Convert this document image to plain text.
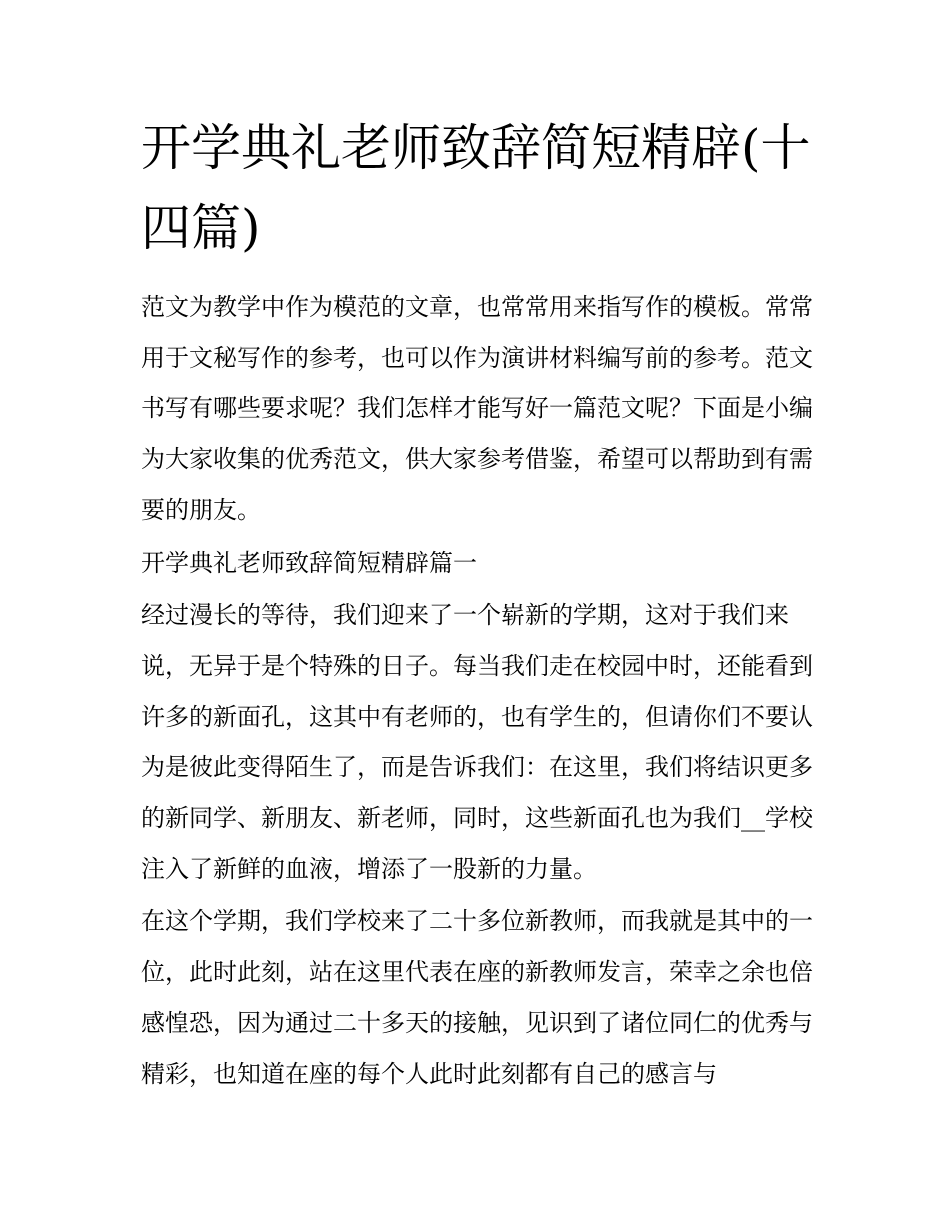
开学典礼老师致辞简短精辟(十四篇)

范文为教学中作为模范的文章，也常常用来指写作的模板。常常用于文秘写作的参考，也可以作为演讲材料编写前的参考。范文书写有哪些要求呢？我们怎样才能写好一篇范文呢？下面是小编为大家收集的优秀范文，供大家参考借鉴，希望可以帮助到有需要的朋友。

开学典礼老师致辞简短精辟篇一

经过漫长的等待，我们迎来了一个崭新的学期，这对于我们来说，无异于是个特殊的日子。每当我们走在校园中时，还能看到许多的新面孔，这其中有老师的，也有学生的，但请你们不要认为是彼此变得陌生了，而是告诉我们：在这里，我们将结识更多的新同学、新朋友、新老师，同时，这些新面孔也为我们__学校注入了新鲜的血液，增添了一股新的力量。

在这个学期，我们学校来了二十多位新教师，而我就是其中的一位，此时此刻，站在这里代表在座的新教师发言，荣幸之余也倍感惶恐，因为通过二十多天的接触，见识到了诸位同仁的优秀与精彩，也知道在座的每个人此时此刻都有自己的感言与
